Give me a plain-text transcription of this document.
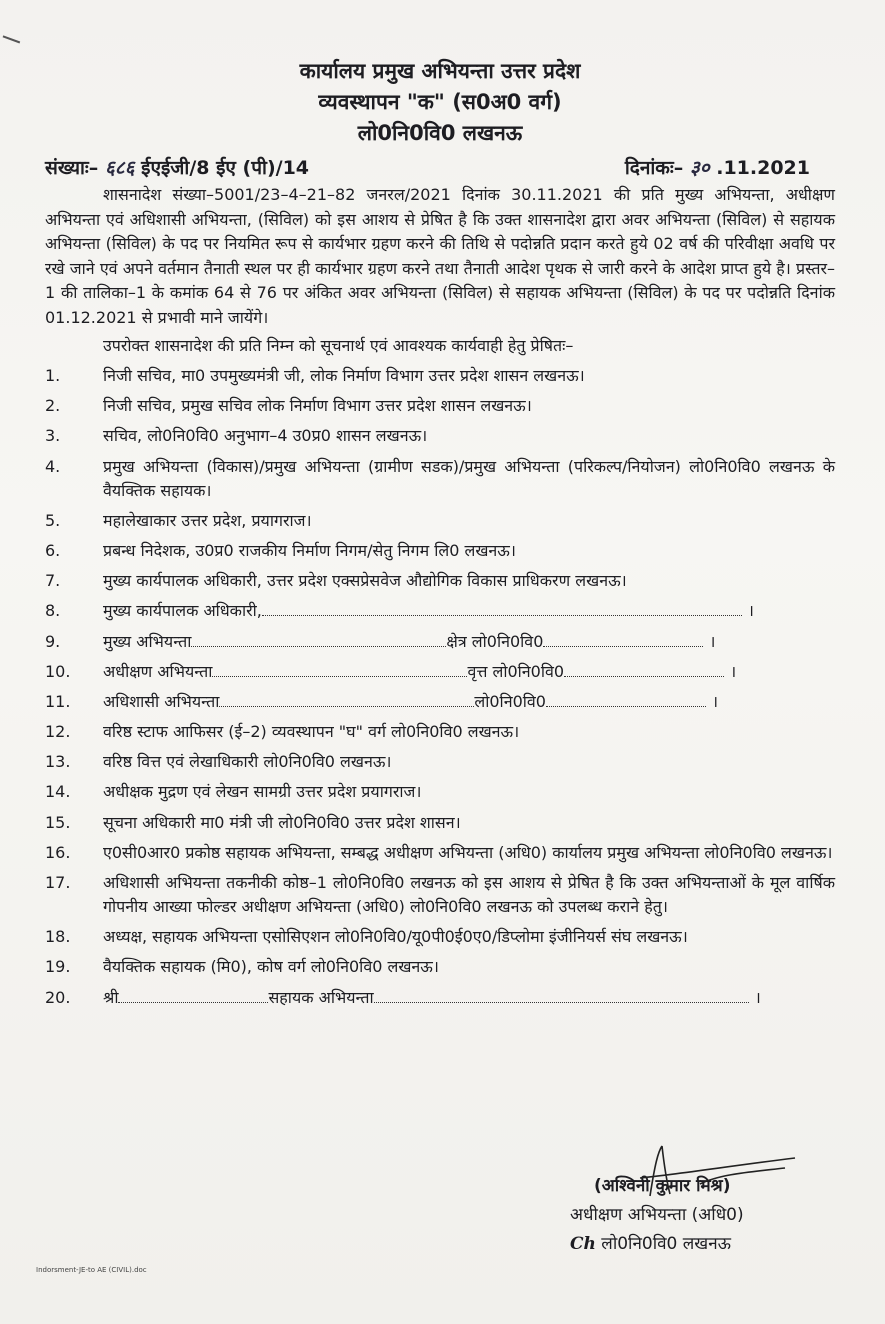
कार्यालय प्रमुख अभियन्ता उत्तर प्रदेश
व्यवस्थापन "क" (स0अ0 वर्ग)
लो0नि0वि0 लखनऊ
संख्याः– ६८६ ईएईजी/8 ईए (पी)/14	दिनांकः– ३० .11.2021
शासनादेश संख्या–5001/23–4–21–82 जनरल/2021 दिनांक 30.11.2021 की प्रति मुख्य अभियन्ता, अधीक्षण अभियन्ता एवं अधिशासी अभियन्ता, (सिविल) को इस आशय से प्रेषित है कि उक्त शासनादेश द्वारा अवर अभियन्ता (सिविल) से सहायक अभियन्ता (सिविल) के पद पर नियमित रूप से कार्यभार ग्रहण करने की तिथि से पदोन्नति प्रदान करते हुये 02 वर्ष की परिवीक्षा अवधि पर रखे जाने एवं अपने वर्तमान तैनाती स्थल पर ही कार्यभार ग्रहण करने तथा तैनाती आदेश पृथक से जारी करने के आदेश प्राप्त हुये है। प्रस्तर–1 की तालिका–1 के कमांक 64 से 76 पर अंकित अवर अभियन्ता (सिविल) से सहायक अभियन्ता (सिविल) के पद पर पदोन्नति दिनांक 01.12.2021 से प्रभावी माने जायेंगे।
उपरोक्त शासनादेश की प्रति निम्न को सूचनार्थ एवं आवश्यक कार्यवाही हेतु प्रेषितः–
1.	निजी सचिव, मा0 उपमुख्यमंत्री जी, लोक निर्माण विभाग उत्तर प्रदेश शासन लखनऊ।
2.	निजी सचिव, प्रमुख सचिव लोक निर्माण विभाग उत्तर प्रदेश शासन लखनऊ।
3.	सचिव, लो0नि0वि0 अनुभाग–4 उ0प्र0 शासन लखनऊ।
4.	प्रमुख अभियन्ता (विकास)/प्रमुख अभियन्ता (ग्रामीण सडक)/प्रमुख अभियन्ता (परिकल्प/नियोजन) लो0नि0वि0 लखनऊ के वैयक्तिक सहायक।
5.	महालेखाकार उत्तर प्रदेश, प्रयागराज।
6.	प्रबन्ध निदेशक, उ0प्र0 राजकीय निर्माण निगम/सेतु निगम लि0 लखनऊ।
7.	मुख्य कार्यपालक अधिकारी, उत्तर प्रदेश एक्सप्रेसवेज औद्योगिक विकास प्राधिकरण लखनऊ।
8.	मुख्य कार्यपालक अधिकारी,	।
9.	मुख्य अभियन्ता	क्षेत्र लो0नि0वि0	।
10.	अधीक्षण अभियन्ता	वृत्त लो0नि0वि0	।
11.	अधिशासी अभियन्ता	लो0नि0वि0	।
12.	वरिष्ठ स्टाफ आफिसर (ई–2) व्यवस्थापन "घ" वर्ग लो0नि0वि0 लखनऊ।
13.	वरिष्ठ वित्त एवं लेखाधिकारी लो0नि0वि0 लखनऊ।
14.	अधीक्षक मुद्रण एवं लेखन सामग्री उत्तर प्रदेश प्रयागराज।
15.	सूचना अधिकारी मा0 मंत्री जी लो0नि0वि0 उत्तर प्रदेश शासन।
16.	ए0सी0आर0 प्रकोष्ठ सहायक अभियन्ता, सम्बद्ध अधीक्षण अभियन्ता (अधि0) कार्यालय प्रमुख अभियन्ता लो0नि0वि0 लखनऊ।
17.	अधिशासी अभियन्ता तकनीकी कोष्ठ–1 लो0नि0वि0 लखनऊ को इस आशय से प्रेषित है कि उक्त अभियन्ताओं के मूल वार्षिक गोपनीय आख्या फोल्डर अधीक्षण अभियन्ता (अधि0) लो0नि0वि0 लखनऊ को उपलब्ध कराने हेतु।
18.	अध्यक्ष, सहायक अभियन्ता एसोसिएशन लो0नि0वि0/यू0पी0ई0ए0/डिप्लोमा इंजीनियर्स संघ लखनऊ।
19.	वैयक्तिक सहायक (मि0), कोष वर्ग लो0नि0वि0 लखनऊ।
20.	श्री	सहायक अभियन्ता	।
(अश्विनी कुमार मिश्र)
अधीक्षण अभियन्ता (अधि0)
Ch लो0नि0वि0 लखनऊ
Indorsment-JE-to AE (CIVIL).doc
